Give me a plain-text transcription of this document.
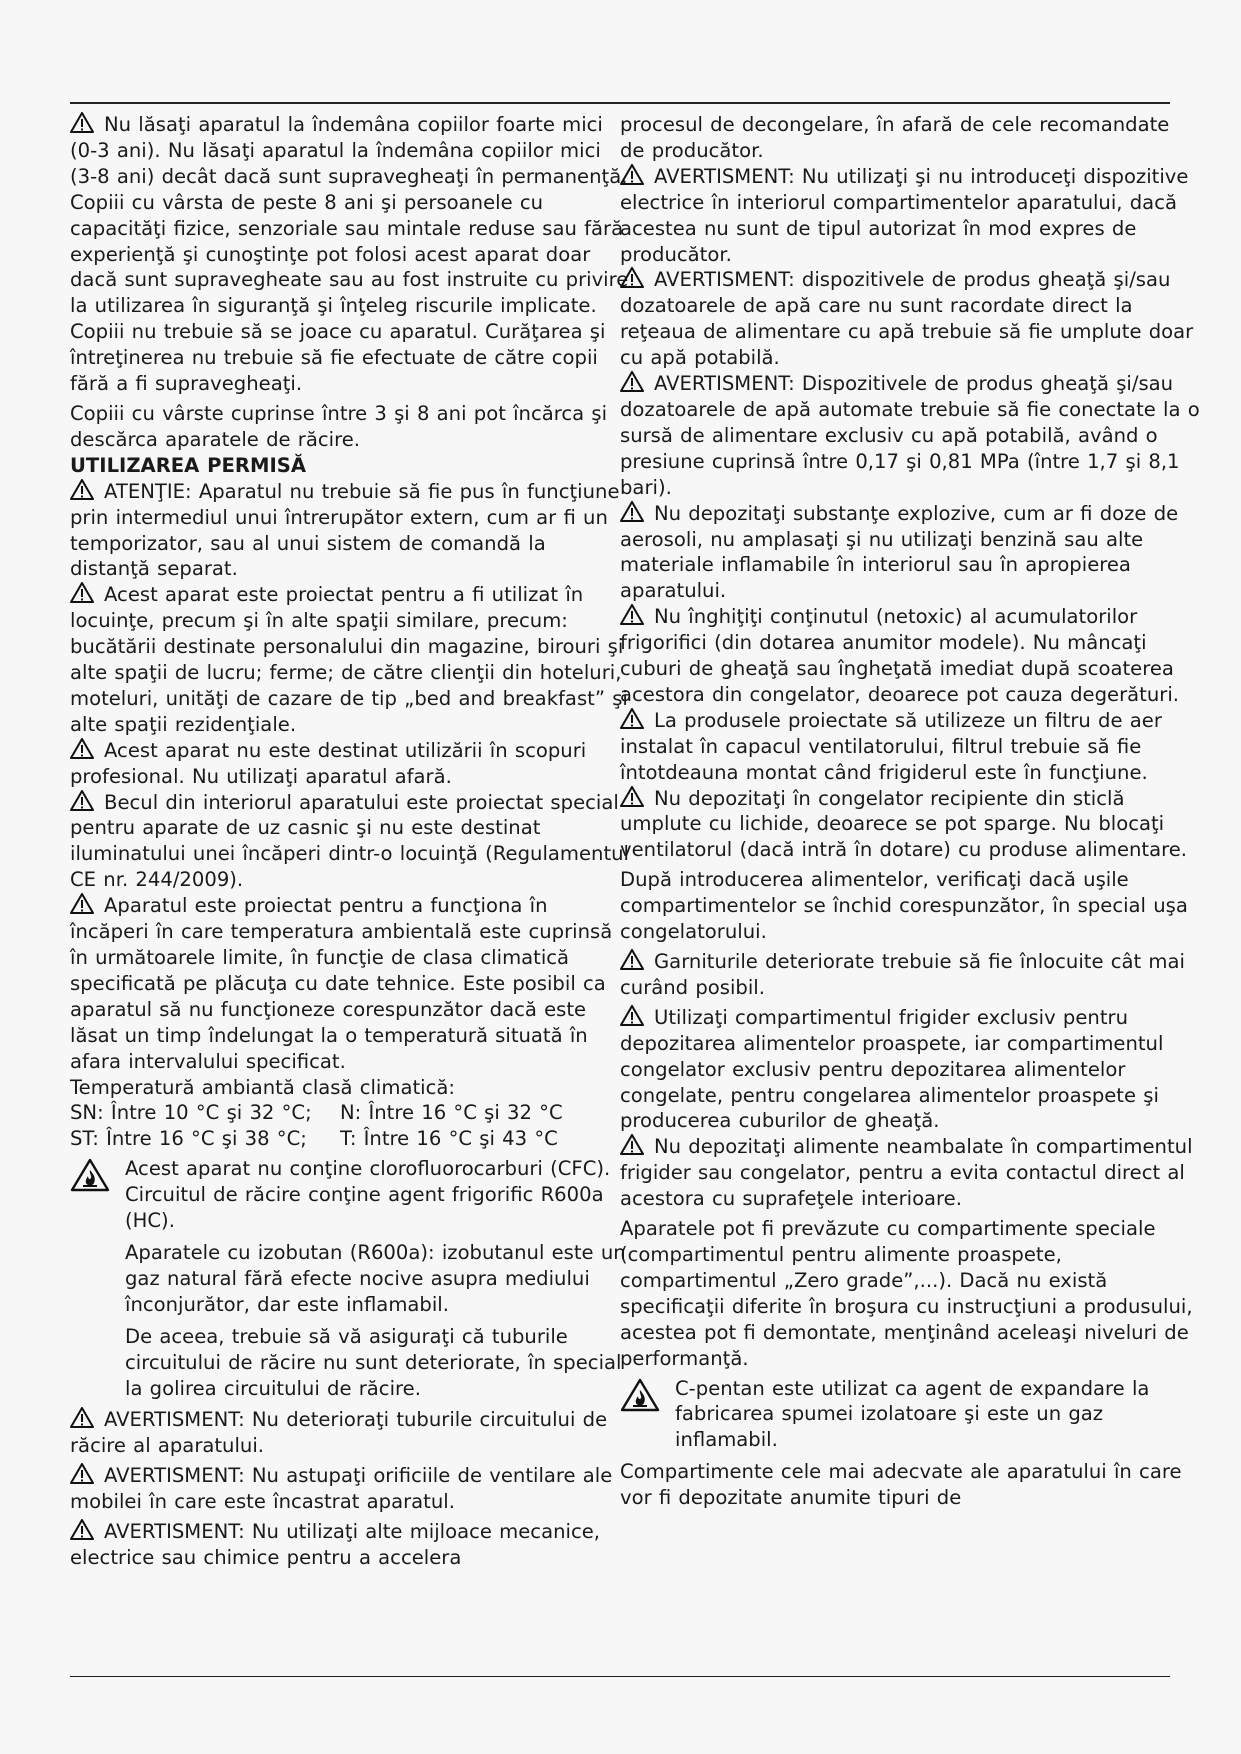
Nu lăsaţi aparatul la îndemâna copiilor foarte mici (0-3 ani). Nu lăsaţi aparatul la îndemâna copiilor mici (3-8 ani) decât dacă sunt supravegheaţi în permanenţă. Copiii cu vârsta de peste 8 ani şi persoanele cu capacităţi fizice, senzoriale sau mintale reduse sau fără experienţă şi cunoştinţe pot folosi acest aparat doar dacă sunt supravegheate sau au fost instruite cu privire la utilizarea în siguranţă şi înţeleg riscurile implicate. Copiii nu trebuie să se joace cu aparatul. Curăţarea şi întreţinerea nu trebuie să fie efectuate de către copii fără a fi supravegheaţi.

Copiii cu vârste cuprinse între 3 şi 8 ani pot încărca şi descărca aparatele de răcire.

UTILIZAREA PERMISĂ

ATENŢIE: Aparatul nu trebuie să fie pus în funcţiune prin intermediul unui întrerupător extern, cum ar fi un temporizator, sau al unui sistem de comandă la distanţă separat.

Acest aparat este proiectat pentru a fi utilizat în locuinţe, precum şi în alte spaţii similare, precum: bucătării destinate personalului din magazine, birouri şi alte spaţii de lucru; ferme; de către clienţii din hoteluri, moteluri, unităţi de cazare de tip „bed and breakfast” şi alte spaţii rezidenţiale.

Acest aparat nu este destinat utilizării în scopuri profesional. Nu utilizaţi aparatul afară.

Becul din interiorul aparatului este proiectat special pentru aparate de uz casnic şi nu este destinat iluminatului unei încăperi dintr-o locuinţă (Regulamentul CE nr. 244/2009).

Aparatul este proiectat pentru a funcţiona în încăperi în care temperatura ambientală este cuprinsă în următoarele limite, în funcţie de clasa climatică specificată pe plăcuţa cu date tehnice. Este posibil ca aparatul să nu funcţioneze corespunzător dacă este lăsat un timp îndelungat la o temperatură situată în afara intervalului specificat.

Temperatură ambiantă clasă climatică:

SN: Între 10 °C şi 32 °C;	N: Între 16 °C şi 32 °C
ST: Între 16 °C şi 38 °C;	T: Între 16 °C şi 43 °C

Acest aparat nu conţine clorofluorocarburi (CFC). Circuitul de răcire conţine agent frigorific R600a (HC).

Aparatele cu izobutan (R600a): izobutanul este un gaz natural fără efecte nocive asupra mediului înconjurător, dar este inflamabil.

De aceea, trebuie să vă asiguraţi că tuburile circuitului de răcire nu sunt deteriorate, în special la golirea circuitului de răcire.

AVERTISMENT: Nu deterioraţi tuburile circuitului de răcire al aparatului.

AVERTISMENT: Nu astupaţi orificiile de ventilare ale mobilei în care este încastrat aparatul.

AVERTISMENT: Nu utilizaţi alte mijloace mecanice, electrice sau chimice pentru a accelera

procesul de decongelare, în afară de cele recomandate de producător.

AVERTISMENT: Nu utilizaţi şi nu introduceţi dispozitive electrice în interiorul compartimentelor aparatului, dacă acestea nu sunt de tipul autorizat în mod expres de producător.

AVERTISMENT: dispozitivele de produs gheaţă şi/sau dozatoarele de apă care nu sunt racordate direct la reţeaua de alimentare cu apă trebuie să fie umplute doar cu apă potabilă.

AVERTISMENT: Dispozitivele de produs gheaţă şi/sau dozatoarele de apă automate trebuie să fie conectate la o sursă de alimentare exclusiv cu apă potabilă, având o presiune cuprinsă între 0,17 şi 0,81 MPa (între 1,7 şi 8,1 bari).

Nu depozitaţi substanţe explozive, cum ar fi doze de aerosoli, nu amplasaţi şi nu utilizaţi benzină sau alte materiale inflamabile în interiorul sau în apropierea aparatului.

Nu înghiţiţi conţinutul (netoxic) al acumulatorilor frigorifici (din dotarea anumitor modele). Nu mâncaţi cuburi de gheaţă sau îngheţată imediat după scoaterea acestora din congelator, deoarece pot cauza degerături.

La produsele proiectate să utilizeze un filtru de aer instalat în capacul ventilatorului, filtrul trebuie să fie întotdeauna montat când frigiderul este în funcţiune.

Nu depozitaţi în congelator recipiente din sticlă umplute cu lichide, deoarece se pot sparge. Nu blocaţi ventilatorul (dacă intră în dotare) cu produse alimentare.

După introducerea alimentelor, verificaţi dacă uşile compartimentelor se închid corespunzător, în special uşa congelatorului.

Garniturile deteriorate trebuie să fie înlocuite cât mai curând posibil.

Utilizaţi compartimentul frigider exclusiv pentru depozitarea alimentelor proaspete, iar compartimentul congelator exclusiv pentru depozitarea alimentelor congelate, pentru congelarea alimentelor proaspete şi producerea cuburilor de gheaţă.

Nu depozitaţi alimente neambalate în compartimentul frigider sau congelator, pentru a evita contactul direct al acestora cu suprafeţele interioare.

Aparatele pot fi prevăzute cu compartimente speciale (compartimentul pentru alimente proaspete, compartimentul „Zero grade”,...). Dacă nu există specificaţii diferite în broşura cu instrucţiuni a produsului, acestea pot fi demontate, menţinând aceleaşi niveluri de performanţă.

C-pentan este utilizat ca agent de expandare la fabricarea spumei izolatoare şi este un gaz inflamabil.

Compartimente cele mai adecvate ale aparatului în care vor fi depozitate anumite tipuri de
